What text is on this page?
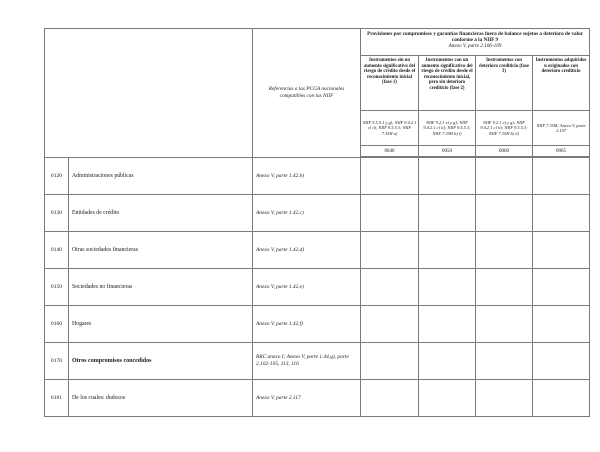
		Referencias a las PCGA nacionales compatibles con las NIIF	Provisiones por compromisos y garantías financieras fuera de balance sujetos a deterioro de valor conforme a la NIIF 9
Anexo V, parte 2.106-109			
			Instrumentos sin un aumento significativo del riesgo de crédito desde el reconocimiento inicial (fase 1)	Instrumentos con un aumento significativo del riesgo de crédito desde el reconocimiento inicial, pero sin deterioro crediticio (fase 2)	Instrumentos con deterioro crediticio (fase 3)	Instrumentos adquiridos u originados con deterioro crediticio
			NIIF 9.5.5.1 y g); NIIF 9.4.2.1 c) ii), NIIF 9.5.5.3; NIIF 7.35H a)	NIIF 9.2.1 e) y g); NIIF 9.4.2.1 c) ii); NIIF 9.5.5.3; NIIF 7.35H b) i)	NIIF 9.2.1 e) y g); NIIF 9.4.2.1 c) ii); NIIF 9.5.5.3; NIIF 7.35H b) ii)	NIIF 7.35M; Anexo V, parte 2.107
			0040	0050	0060	0065

0120	Administraciones públicas	Anexo V, parte 1.42.b)				
0130	Entidades de crédito	Anexo V, parte 1.42.c)				
0140	Otras sociedades financieras	Anexo V, parte 1.42.d)				
0150	Sociedades no financieras	Anexo V, parte 1.42.e)				
0160	Hogares	Anexo V, parte 1.42.f)				
0170	Otros compromisos concedidos	RRC anexo I; Anexo V, parte 1.44.g), parte 2.102-105, 113, 116				
0181	De los cuales: dudosos	Anexo V, parte 2.117				
